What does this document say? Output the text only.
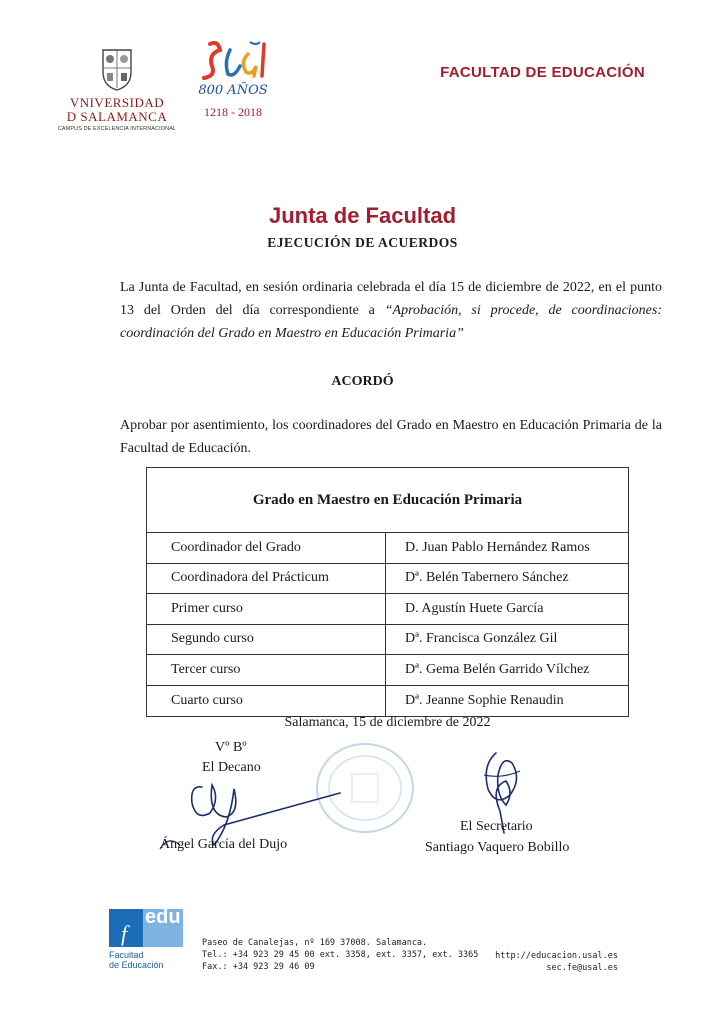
VNIVERSIDAD
D SALAMANCA
CAMPUS DE EXCELENCIA INTERNACIONAL
800 AÑOS
1218 - 2018
FACULTAD DE EDUCACIÓN
Junta de Facultad
EJECUCIÓN DE ACUERDOS
La Junta de Facultad, en sesión ordinaria celebrada el día 15 de diciembre de 2022, en el punto 13 del Orden del día correspondiente a “Aprobación, si procede, de coordinaciones: coordinación del Grado en Maestro en Educación Primaria”
ACORDÓ
Aprobar por asentimiento, los coordinadores del Grado en Maestro en Educación Primaria de la Facultad de Educación.
Grado en Maestro en Educación Primaria
Coordinador del Grado	D. Juan Pablo Hernández Ramos
Coordinadora del Prácticum	Dª. Belén Tabernero Sánchez
Primer curso	D. Agustín Huete García
Segundo curso	Dª. Francisca González Gil
Tercer curso	Dª. Gema Belén Garrido Vílchez
Cuarto curso	Dª. Jeanne Sophie Renaudin
Salamanca, 15 de diciembre de 2022
Vº Bº
El Decano
Ángel García del Dujo
El Secretario
Santiago Vaquero Bobillo
edu
f
Facultad
de Educación
Paseo de Canalejas, nº 169 37008. Salamanca.
Tel.: +34 923 29 45 00 ext. 3358, ext. 3357, ext. 3365
Fax.: +34 923 29 46 09
http://educacion.usal.es
sec.fe@usal.es
